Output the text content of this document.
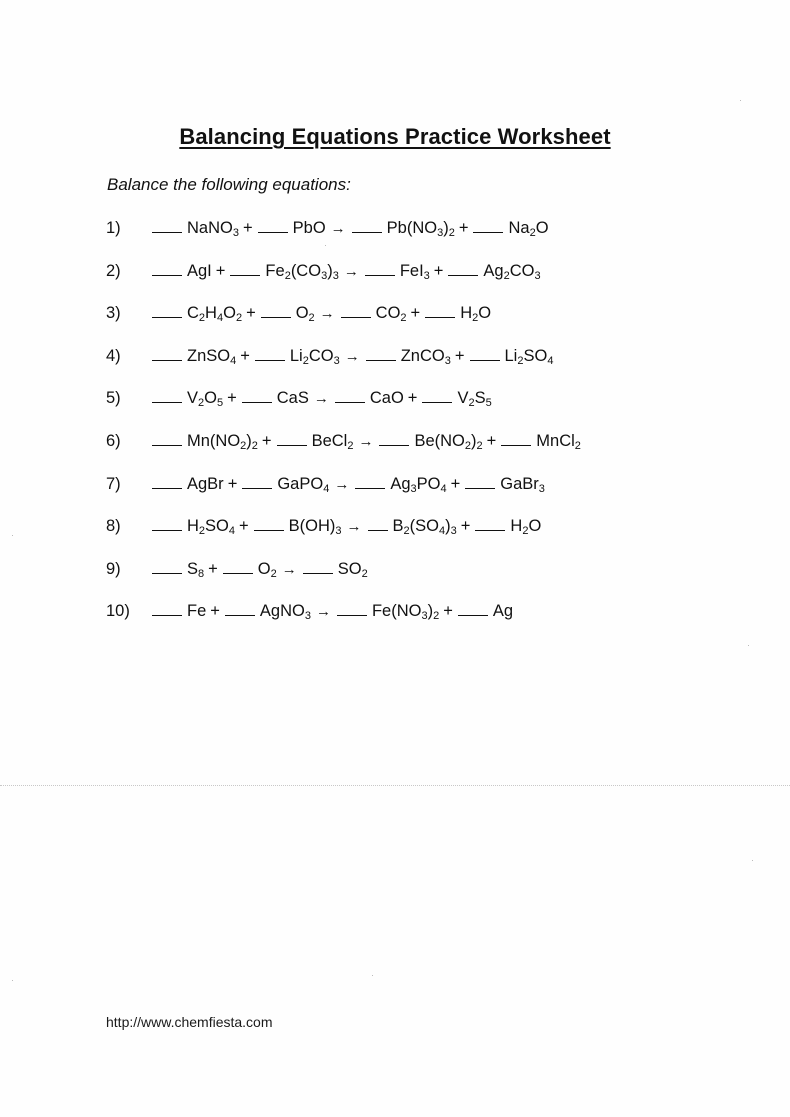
Balancing Equations Practice Worksheet
Balance the following equations:
1)	NaNO$_3$ + PbO → $Pb(NO_3)_2 + Na_2O$
2)	AgI + $Fe_2(CO_3)_3 \to FeI_3 + Ag_2CO_3$
3)	$C_2H_4O_2 + O_2 \to CO_2 + H_2O$
4)	ZnSO$_4$ + $Li_2CO_3$ → ZnCO$_3$ + $Li_2SO_4$
5)	$V_2O_5$ + CaS → CaO + $V_2S_5$
6)	$Mn(NO_2)_2$ + BeCl$_2$ → $Be(NO_2)_2$ + MnCl$_2$
7)	AgBr + GaPO$_4$ → $Ag_3PO_4$ + GaBr$_3$
8)	$H_2SO_4 + B(OH)_3 \to B_2(SO_4)_3 + H_2O$
9)	$S_8 + O_2 \to SO_2$
10)	Fe + AgNO$_3$ → $Fe(NO_3)_2 + Ag$
http://www.chemfiesta.com
